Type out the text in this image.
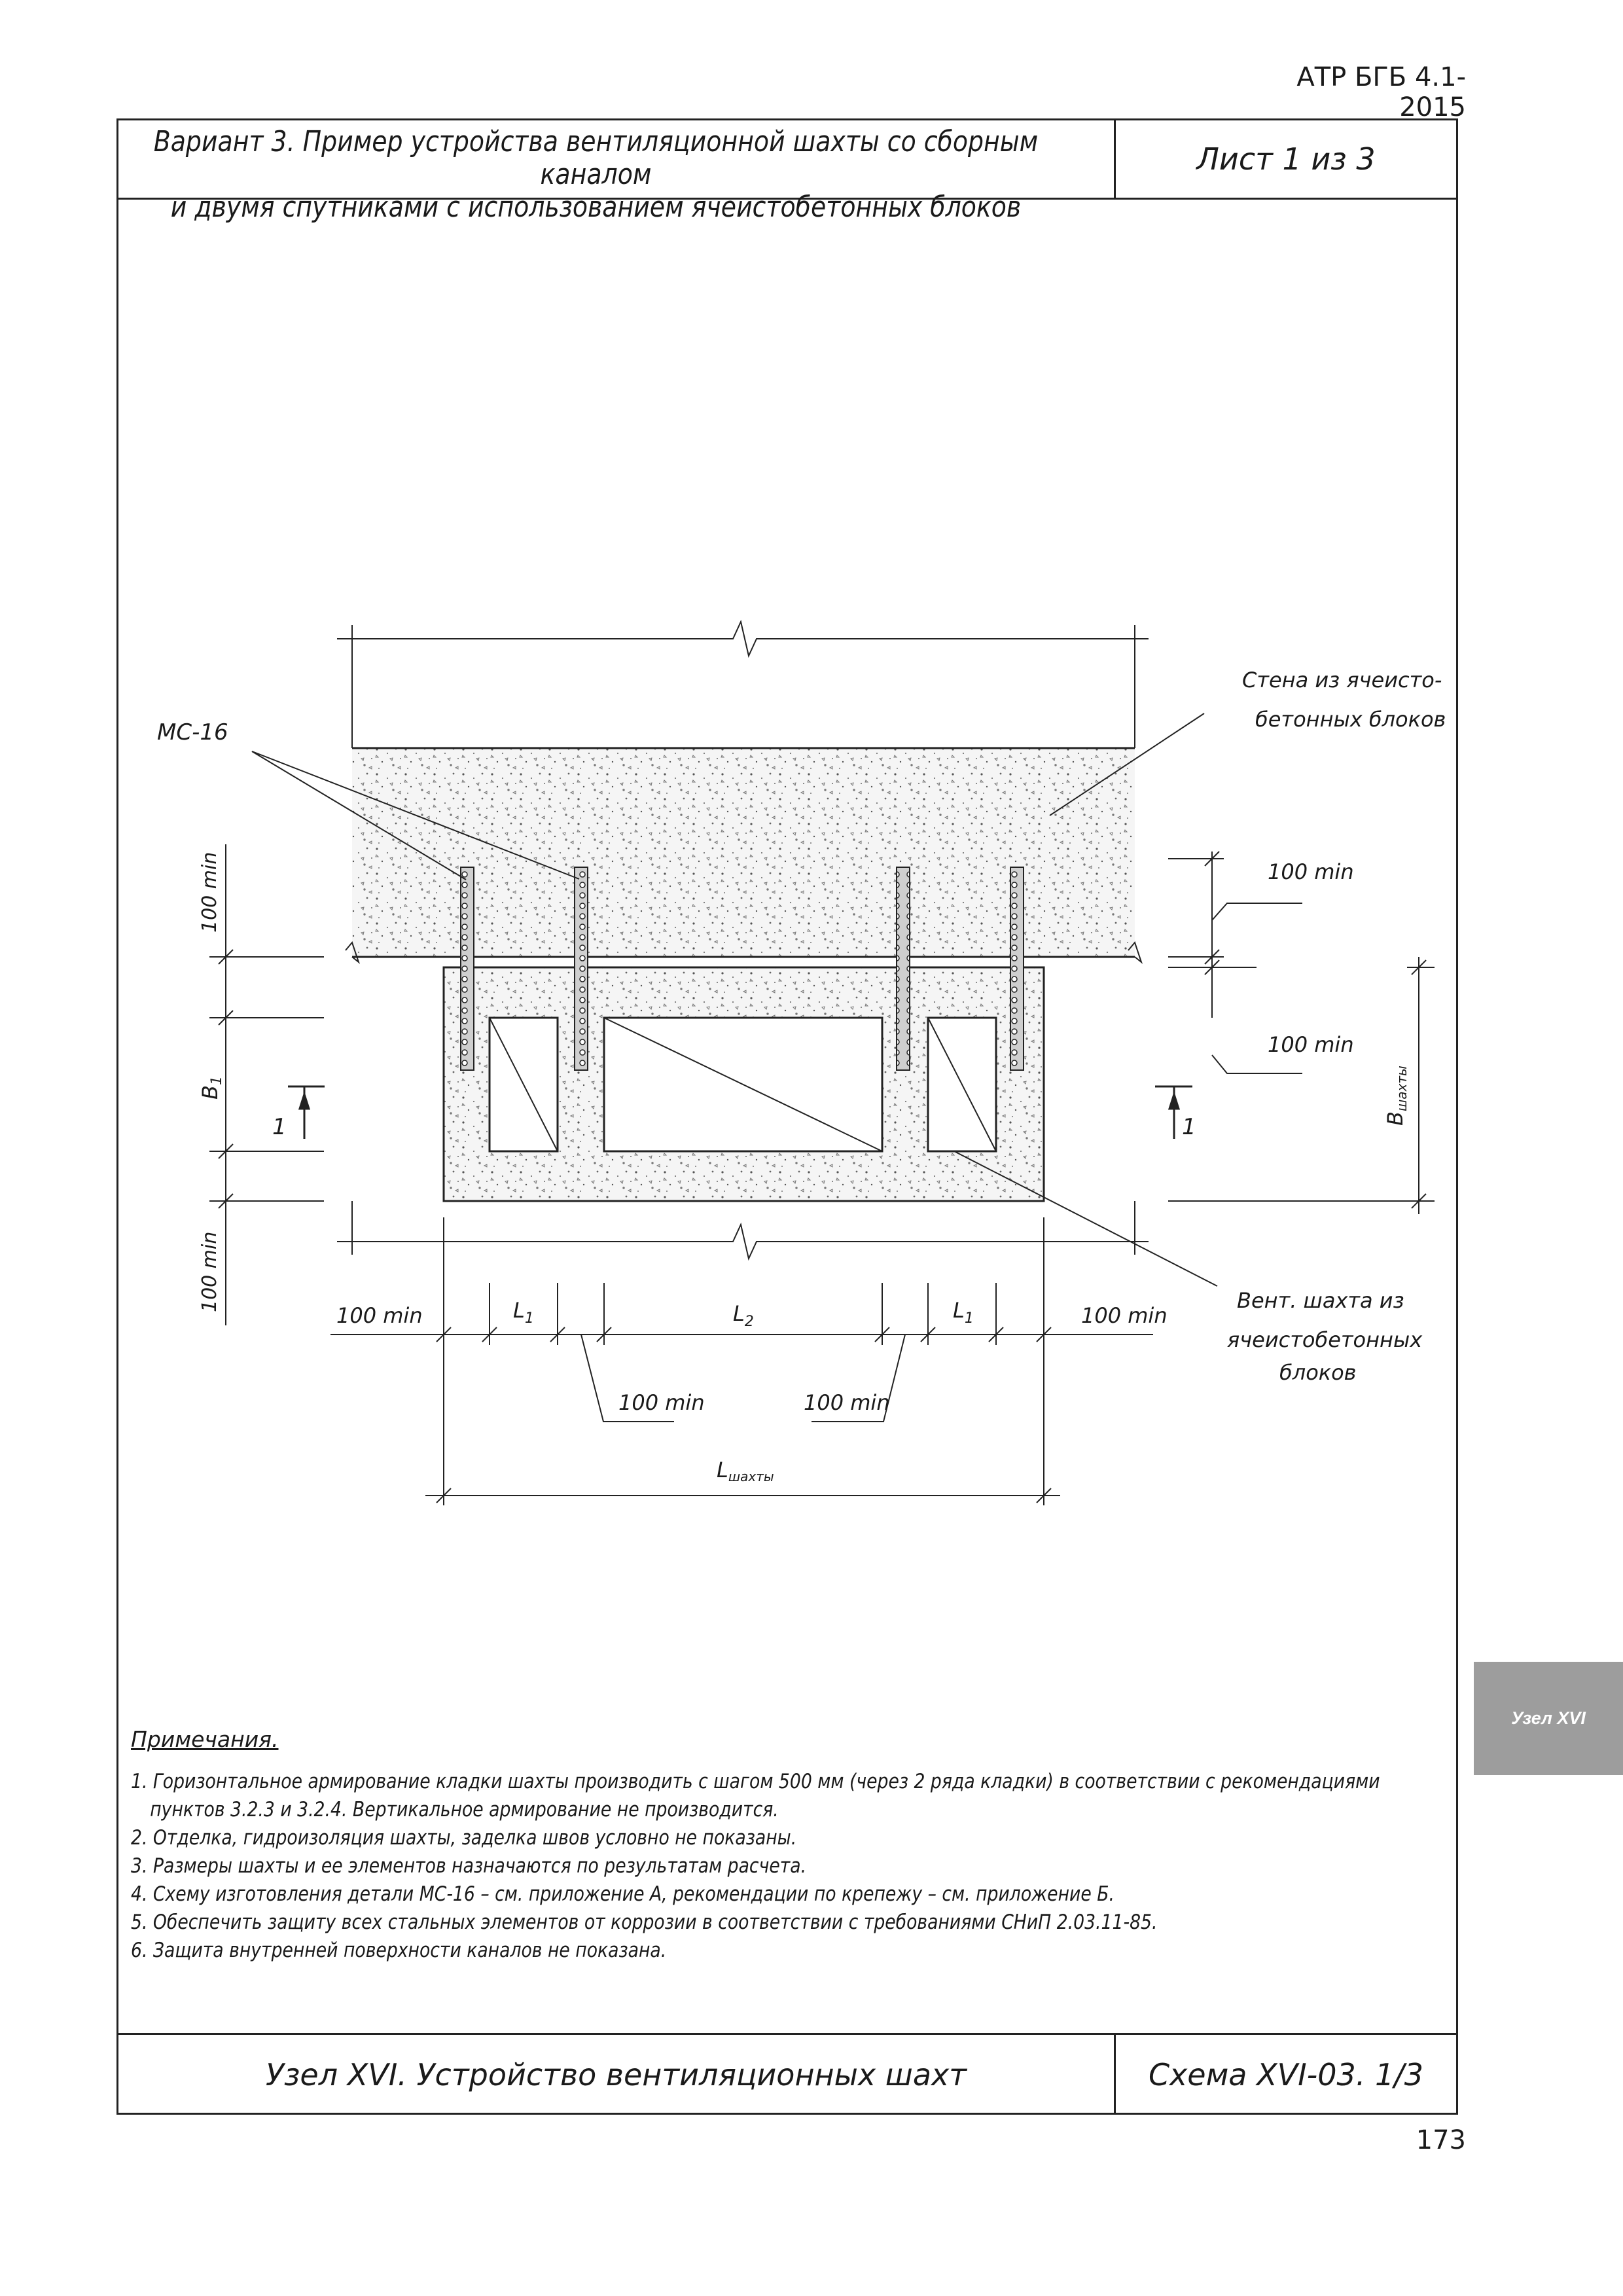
АТР БГБ 4.1-2015
Вариант 3. Пример устройства вентиляционной шахты со сборным каналом
и двумя спутниками с использованием ячеистобетонных блоков
Лист 1 из 3
Узел XVI. Устройство вентиляционных шахт	Схема XVI-03. 1/3
МС-16
Стена из ячеисто-
бетонных блоков
Вент. шахта из
ячеистобетонных
блоков
100 min
100 min
B1
100 min
100 min
Bшахты
100 min	100 min
100 min	100 min
$L_1$	$L_2$	$L_1$
Lшахты
1	1
Примечания.
1. Горизонтальное армирование кладки шахты производить с шагом 500 мм (через 2 ряда кладки) в соответствии с рекомендациями
пунктов 3.2.3 и 3.2.4. Вертикальное армирование не производится.
2. Отделка, гидроизоляция шахты, заделка швов условно не показаны.
3. Размеры шахты и ее элементов назначаются по результатам расчета.
4. Схему изготовления детали МС-16 – см. приложение А, рекомендации по крепежу – см. приложение Б.
5. Обеспечить защиту всех стальных элементов от коррозии в соответствии с требованиями СНиП 2.03.11-85.
6. Защита внутренней поверхности каналов не показана.
Узел XVI
173
